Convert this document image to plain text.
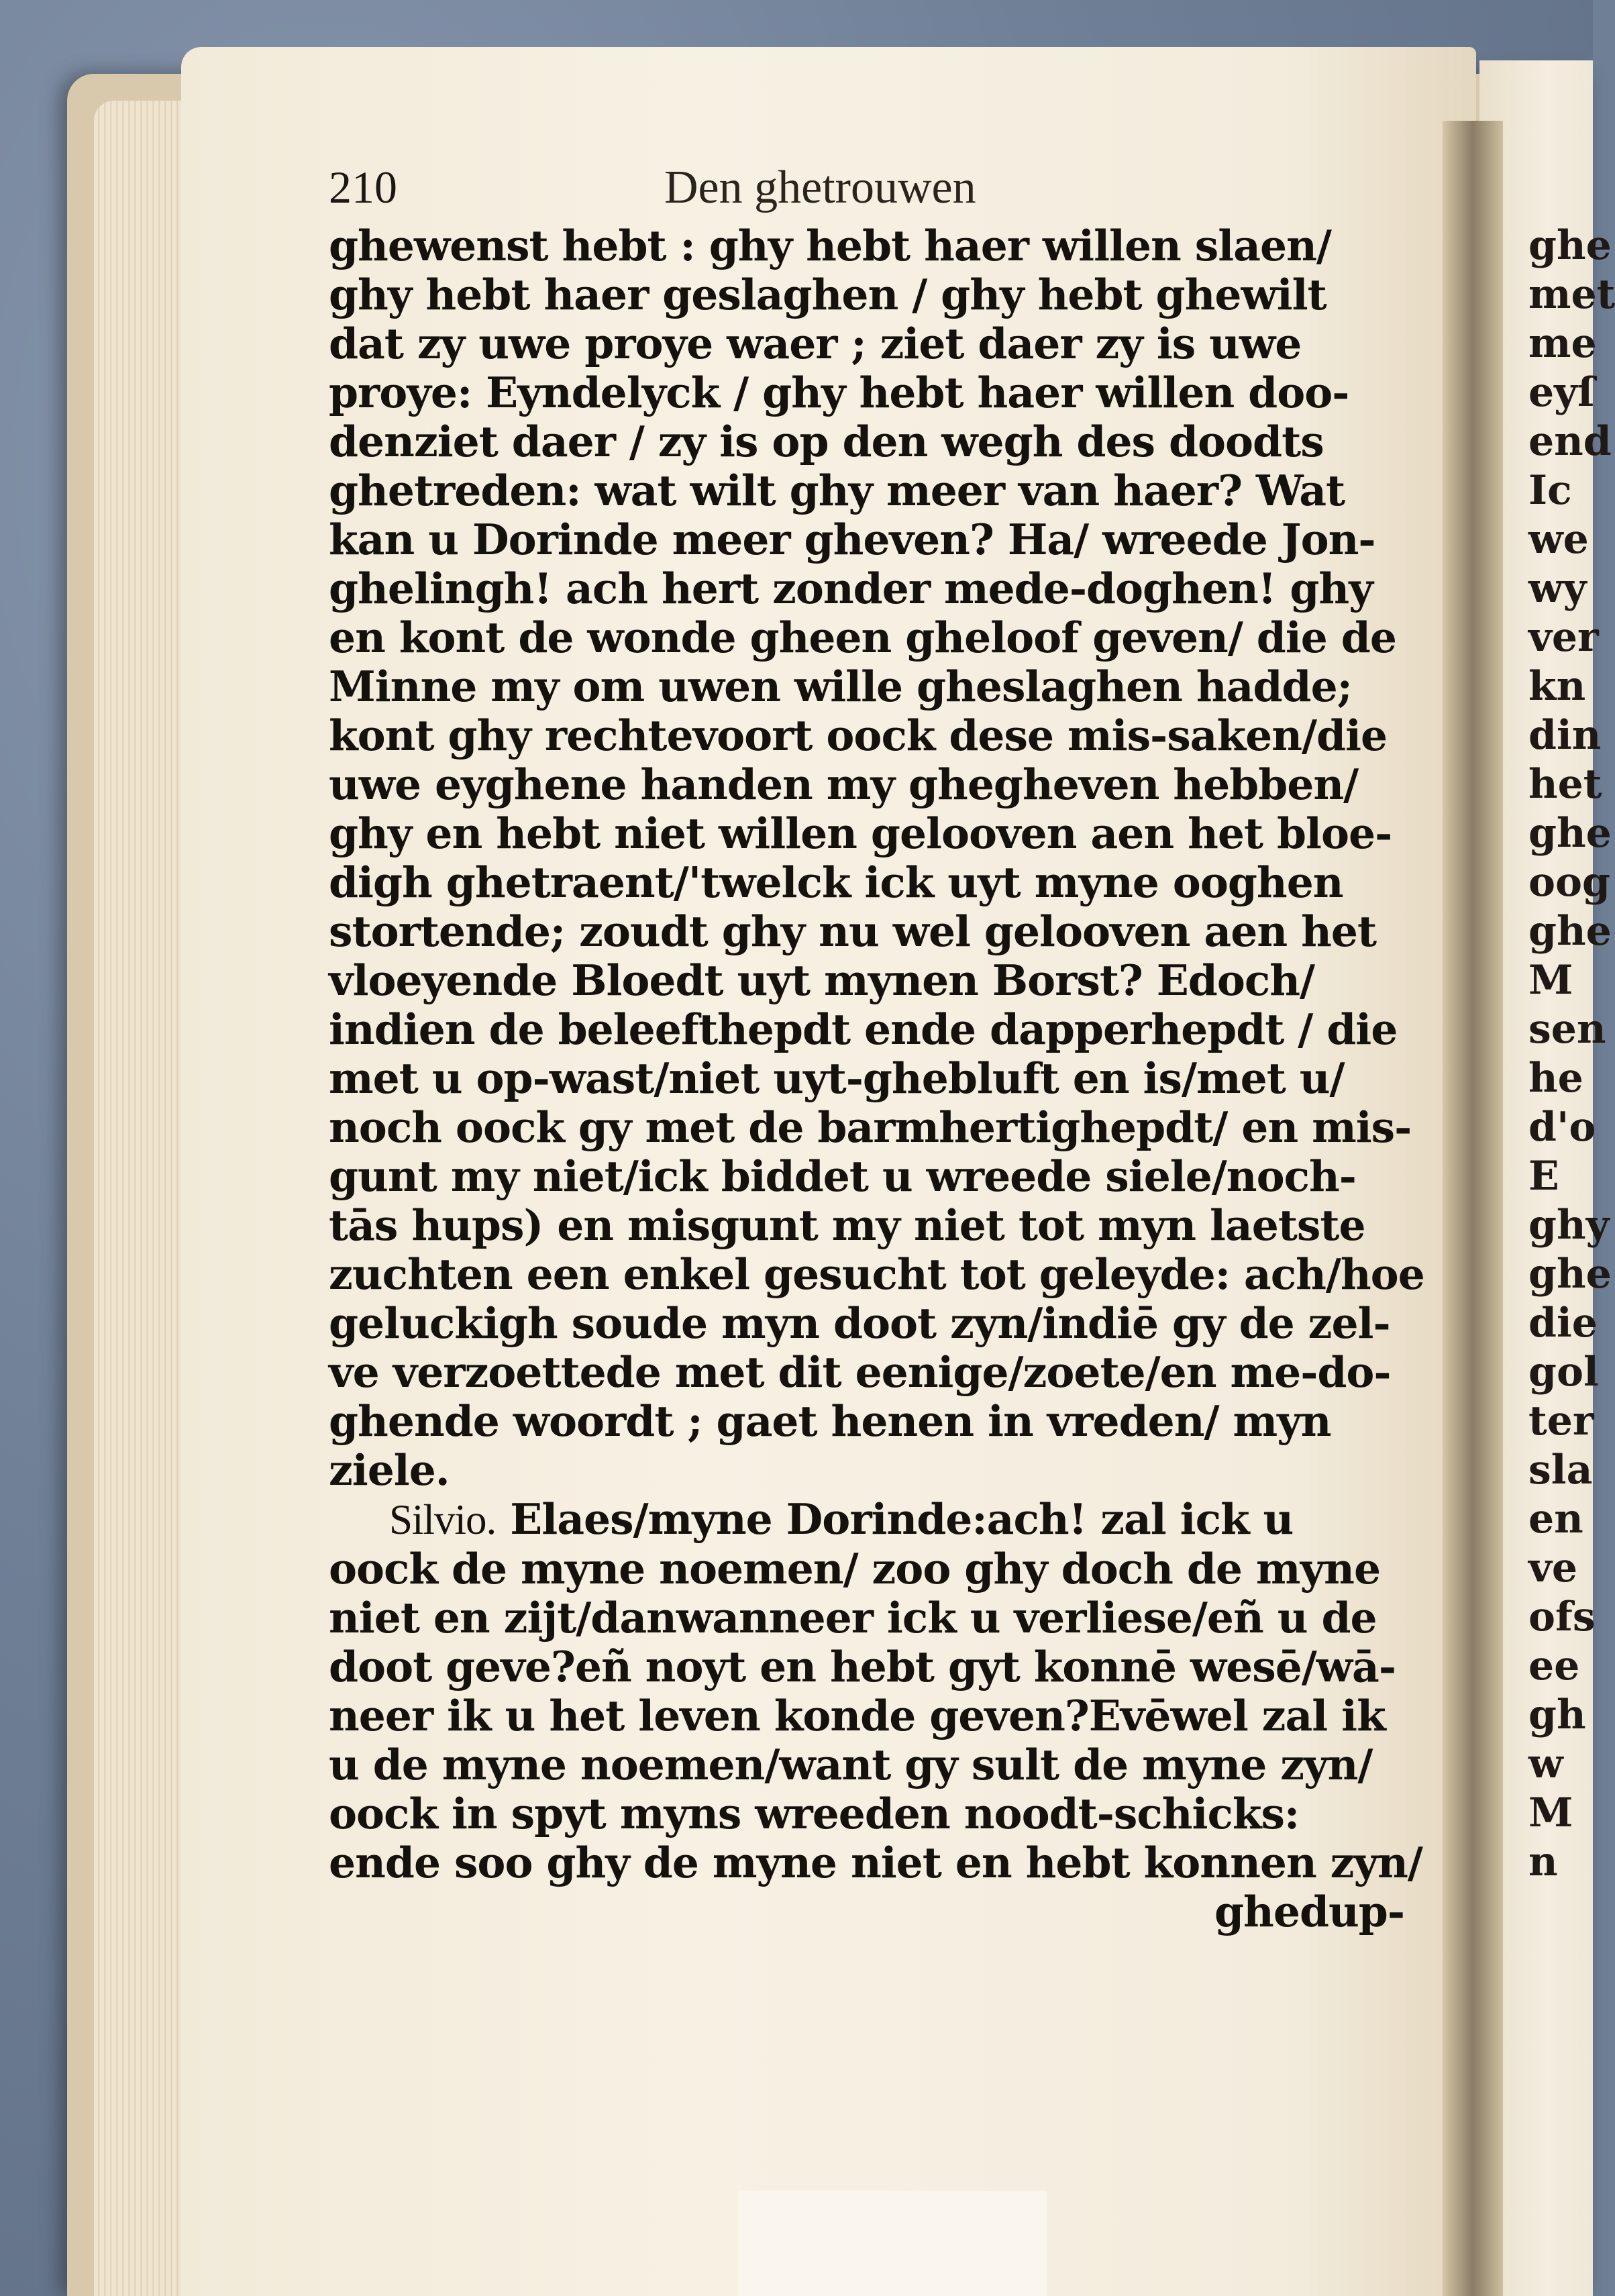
210	Den ghetrouwen
ghewenst hebt : ghy hebt haer willen slaen/
ghy hebt haer geslaghen / ghy hebt ghewilt
dat zy uwe proye waer ; ziet daer zy is uwe
proye: Eyndelyck / ghy hebt haer willen doo-
denziet daer / zy is op den wegh des doodts
ghetreden: wat wilt ghy meer van haer? Wat
kan u Dorinde meer gheven? Ha/ wreede Jon-
ghelingh! ach hert zonder mede-doghen! ghy
en kont de wonde gheen gheloof geven/ die de
Minne my om uwen wille gheslaghen hadde;
kont ghy rechtevoort oock dese mis-saken/die
uwe eyghene handen my ghegheven hebben/
ghy en hebt niet willen gelooven aen het bloe-
digh ghetraent/'twelck ick uyt myne ooghen
stortende; zoudt ghy nu wel gelooven aen het
vloeyende Bloedt uyt mynen Borst? Edoch/
indien de beleefthepdt ende dapperhepdt / die
met u op-wast/niet uyt-ghebluft en is/met u/
noch oock gy met de barmhertighepdt/ en mis-
gunt my niet/ick biddet u wreede siele/noch-
tās hups) en misgunt my niet tot myn laetste
zuchten een enkel gesucht tot geleyde: ach/hoe
geluckigh soude myn doot zyn/indiē gy de zel-
ve verzoettede met dit eenige/zoete/en me-do-
ghende woordt ; gaet henen in vreden/ myn
ziele.
Silvio. Elaes/myne Dorinde:ach! zal ick u
oock de myne noemen/ zoo ghy doch de myne
niet en zijt/danwanneer ick u verliese/eñ u de
doot geve?eñ noyt en hebt gyt konnē wesē/wā-
neer ik u het leven konde geven?Evēwel zal ik
u de myne noemen/want gy sult de myne zyn/
oock in spyt myns wreeden noodt-schicks:
ende soo ghy de myne niet en hebt konnen zyn/
ghedup-
ghe
met
me
eyſ
end
Ic
we
wy
ver
kn
din
het
ghe
oog
ghe
M
sen
he
d'o
E
ghy
ghe
die
gol
ter
sla
en
ve
ofs
ee
gh
w
M
n
